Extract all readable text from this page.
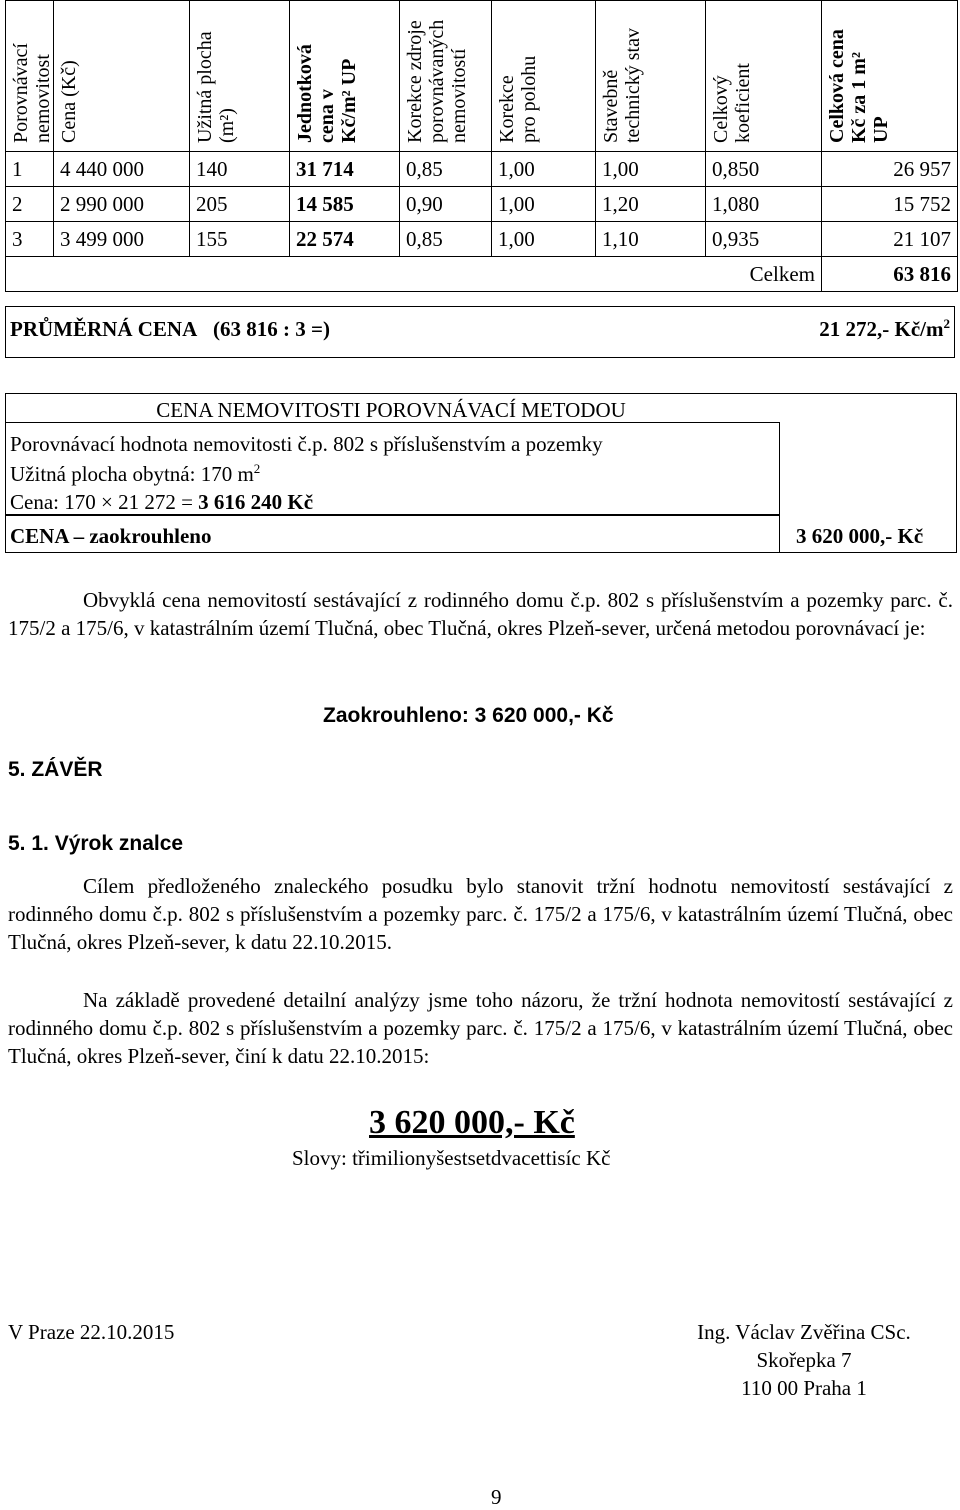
Porovnávací nemovitost	Cena (Kč)	Užitná plocha (m²)	Jednotková cena v Kč/m² UP	Korekce zdroje porovnávaných nemovitostí	Korekce pro polohu	Stavebně technický stav	Celkový koeficient	Celková cena Kč za 1 m² UP

1	4 440 000	140	31 714	0,85	1,00	1,00	0,850	26 957
2	2 990 000	205	14 585	0,90	1,00	1,20	1,080	15 752
3	3 499 000	155	22 574	0,85	1,00	1,10	0,935	21 107
Celkem								63 816
PRŮMĚRNÁ CENA (63 816 : 3 =)	21 272,- $Kč/m^2$
CENA NEMOVITOSTI POROVNÁVACÍ METODOU
Porovnávací hodnota nemovitosti č.p. 802 s příslušenstvím a pozemky
Užitná plocha obytná: 170 $m^2$
Cena: 170 × 21 272 = 3 616 240 Kč
CENA – zaokrouhleno	3 620 000,- Kč
Obvyklá cena nemovitostí sestávající z rodinného domu č.p. 802 s příslušenstvím a pozemky parc. č. 175/2 a 175/6, v katastrálním území Tlučná, obec Tlučná, okres Plzeň-sever, určená metodou porovnávací je:
Zaokrouhleno: 3 620 000,- Kč
5. ZÁVĚR
5. 1. Výrok znalce
Cílem předloženého znaleckého posudku bylo stanovit tržní hodnotu nemovitostí sestávající z rodinného domu č.p. 802 s příslušenstvím a pozemky parc. č. 175/2 a 175/6, v katastrálním území Tlučná, obec Tlučná, okres Plzeň-sever, k datu 22.10.2015.
Na základě provedené detailní analýzy jsme toho názoru, že tržní hodnota nemovitostí sestávající z rodinného domu č.p. 802 s příslušenstvím a pozemky parc. č. 175/2 a 175/6, v katastrálním území Tlučná, obec Tlučná, okres Plzeň-sever, činí k datu 22.10.2015:
3 620 000,- Kč
Slovy: třimilionyšestsetdvacettisíc Kč
V Praze 22.10.2015	Ing. Václav Zvěřina CSc.
Skořepka 7
110 00 Praha 1
9
